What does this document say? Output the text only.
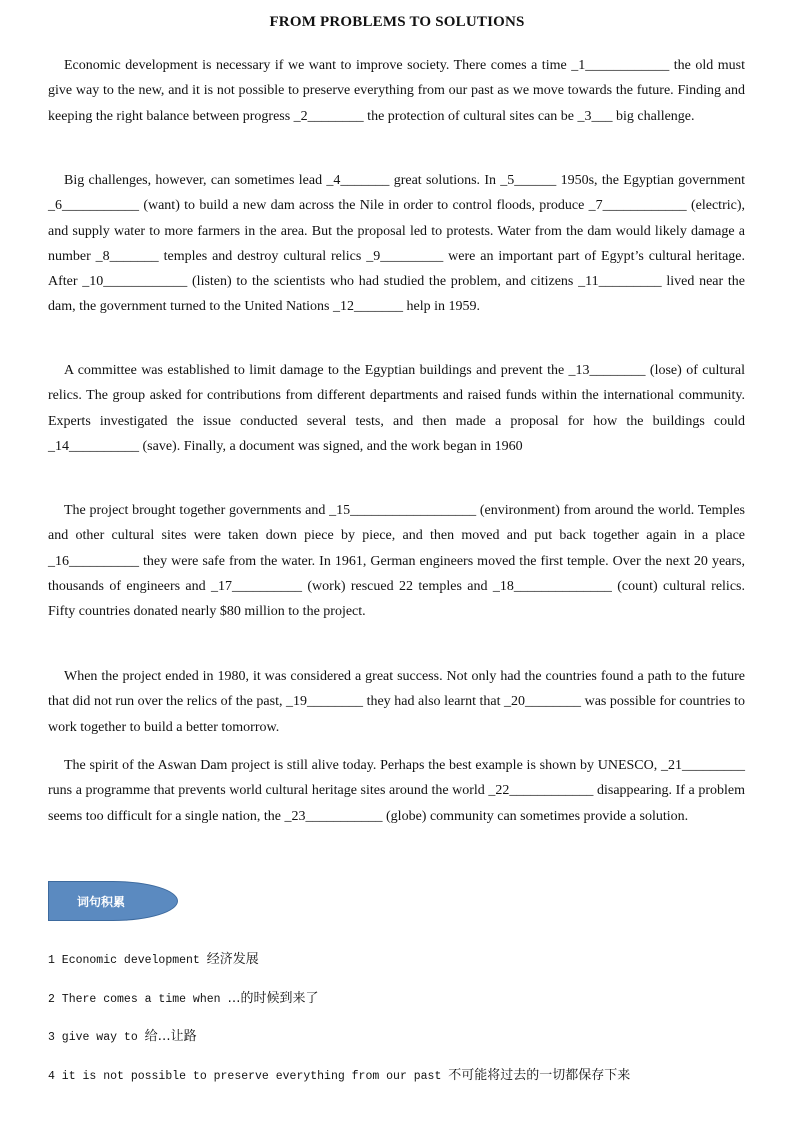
FROM PROBLEMS TO SOLUTIONS

Economic development is necessary if we want to improve society. There comes a time _1____________ the old must give way to the new, and it is not possible to preserve everything from our past as we move towards the future. Finding and keeping the right balance between progress _2________ the protection of cultural sites can be _3___ big challenge.

Big challenges, however, can sometimes lead _4_______ great solutions. In _5______ 1950s, the Egyptian government _6___________ (want) to build a new dam across the Nile in order to control floods, produce _7____________ (electric), and supply water to more farmers in the area. But the proposal led to protests. Water from the dam would likely damage a number _8_______ temples and destroy cultural relics _9_________ were an important part of Egypt’s cultural heritage. After _10____________ (listen) to the scientists who had studied the problem, and citizens _11_________ lived near the dam, the government turned to the United Nations _12_______ help in 1959.

A committee was established to limit damage to the Egyptian buildings and prevent the _13________ (lose) of cultural relics. The group asked for contributions from different departments and raised funds within the international community. Experts investigated the issue conducted several tests, and then made a proposal for how the buildings could _14__________ (save). Finally, a document was signed, and the work began in 1960

The project brought together governments and _15__________________ (environment) from around the world. Temples and other cultural sites were taken down piece by piece, and then moved and put back together again in a place _16__________ they were safe from the water. In 1961, German engineers moved the first temple. Over the next 20 years, thousands of engineers and _17__________ (work) rescued 22 temples and _18______________ (count) cultural relics. Fifty countries donated nearly $80 million to the project.

When the project ended in 1980, it was considered a great success. Not only had the countries found a path to the future that did not run over the relics of the past, _19________ they had also learnt that _20________ was possible for countries to work together to build a better tomorrow.

The spirit of the Aswan Dam project is still alive today. Perhaps the best example is shown by UNESCO, _21_________ runs a programme that prevents world cultural heritage sites around the world _22____________ disappearing. If a problem seems too difficult for a single nation, the _23___________ (globe) community can sometimes provide a solution.

词句积累
1 Economic development 经济发展
2 There comes a time when …的时候到来了
3 give way to 给…让路
4 it is not possible to preserve everything from our past 不可能将过去的一切都保存下来
